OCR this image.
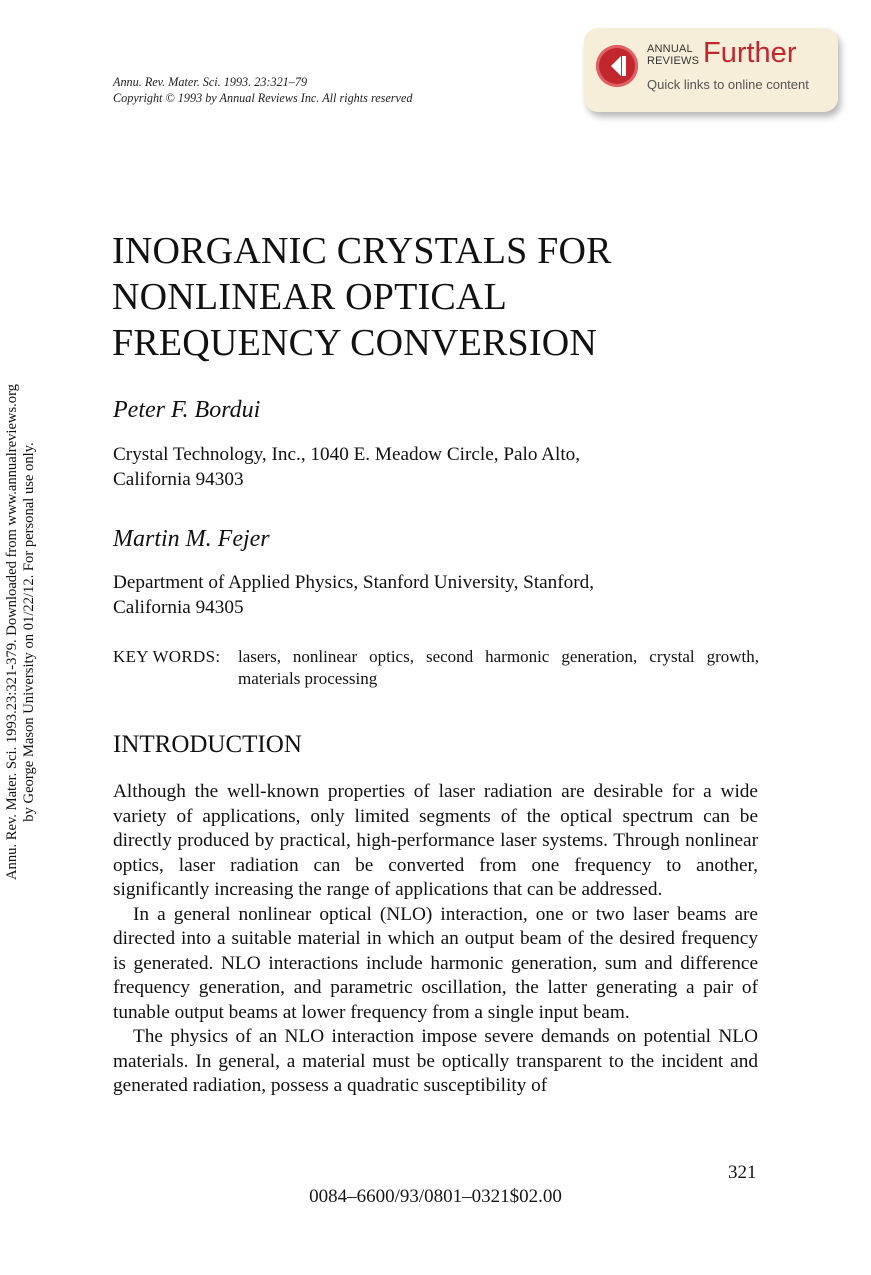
Annu. Rev. Mater. Sci. 1993.23:321-379. Downloaded from www.annualreviews.org by George Mason University on 01/22/12. For personal use only.
Annu. Rev. Mater. Sci. 1993. 23:321–79
Copyright © 1993 by Annual Reviews Inc. All rights reserved
ANNUAL
REVIEWS Further
Quick links to online content
INORGANIC CRYSTALS FOR
NONLINEAR OPTICAL
FREQUENCY CONVERSION

Peter F. Bordui

Crystal Technology, Inc., 1040 E. Meadow Circle, Palo Alto,
California 94303

Martin M. Fejer

Department of Applied Physics, Stanford University, Stanford,
California 94305

KEY WORDS: lasers, nonlinear optics, second harmonic generation, crystal growth, materials processing
INTRODUCTION

Although the well-known properties of laser radiation are desirable for a wide variety of applications, only limited segments of the optical spectrum can be directly produced by practical, high-performance laser systems. Through nonlinear optics, laser radiation can be converted from one frequency to another, significantly increasing the range of applications that can be addressed.

In a general nonlinear optical (NLO) interaction, one or two laser beams are directed into a suitable material in which an output beam of the desired frequency is generated. NLO interactions include harmonic generation, sum and difference frequency generation, and parametric oscillation, the latter generating a pair of tunable output beams at lower frequency from a single input beam.

The physics of an NLO interaction impose severe demands on potential NLO materials. In general, a material must be optically transparent to the incident and generated radiation, possess a quadratic susceptibility of

321
0084–6600/93/0801–0321$02.00
